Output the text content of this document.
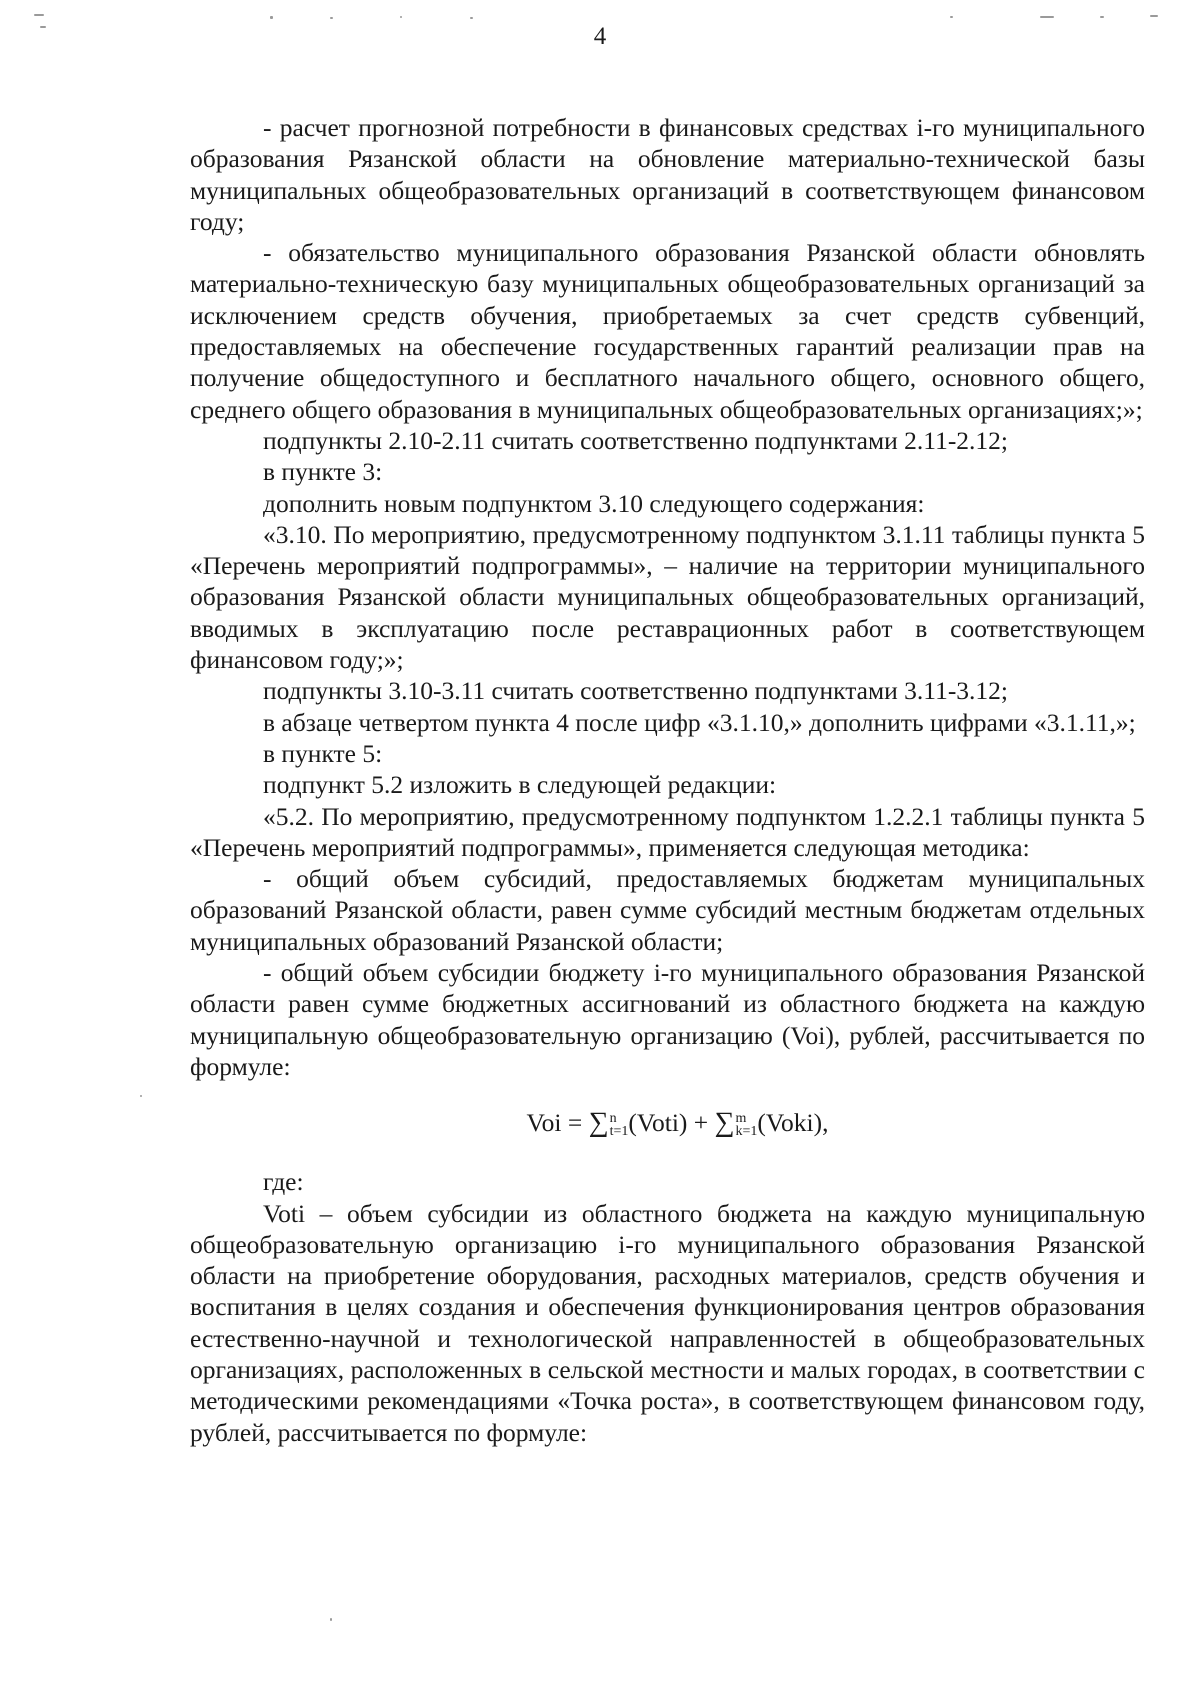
4

- расчет прогнозной потребности в финансовых средствах i-го муниципального образования Рязанской области на обновление материально-технической базы муниципальных общеобразовательных организаций в соответствующем финансовом году;

- обязательство муниципального образования Рязанской области обновлять материально-техническую базу муниципальных общеобразовательных организаций за исключением средств обучения, приобретаемых за счет средств субвенций, предоставляемых на обеспечение государственных гарантий реализации прав на получение общедоступного и бесплатного начального общего, основного общего, среднего общего образования в муниципальных общеобразовательных организациях;»;

подпункты 2.10-2.11 считать соответственно подпунктами 2.11-2.12;

в пункте 3:

дополнить новым подпунктом 3.10 следующего содержания:

«3.10. По мероприятию, предусмотренному подпунктом 3.1.11 таблицы пункта 5 «Перечень мероприятий подпрограммы», – наличие на территории муниципального образования Рязанской области муниципальных общеобразовательных организаций, вводимых в эксплуатацию после реставрационных работ в соответствующем финансовом году;»;

подпункты 3.10-3.11 считать соответственно подпунктами 3.11-3.12;

в абзаце четвертом пункта 4 после цифр «3.1.10,» дополнить цифрами «3.1.11,»;

в пункте 5:

подпункт 5.2 изложить в следующей редакции:

«5.2. По мероприятию, предусмотренному подпунктом 1.2.2.1 таблицы пункта 5 «Перечень мероприятий подпрограммы», применяется следующая методика:

- общий объем субсидий, предоставляемых бюджетам муниципальных образований Рязанской области, равен сумме субсидий местным бюджетам отдельных муниципальных образований Рязанской области;

- общий объем субсидии бюджету i-го муниципального образования Рязанской области равен сумме бюджетных ассигнований из областного бюджета на каждую муниципальную общеобразовательную организацию (Voi), рублей, рассчитывается по формуле:

Voi = ∑ n
t=1 (Voti) + ∑ m
k=1 (Voki),

где:

Voti – объем субсидии из областного бюджета на каждую муниципальную общеобразовательную организацию i-го муниципального образования Рязанской области на приобретение оборудования, расходных материалов, средств обучения и воспитания в целях создания и обеспечения функционирования центров образования естественно-научной и технологической направленностей в общеобразовательных организациях, расположенных в сельской местности и малых городах, в соответствии с методическими рекомендациями «Точка роста», в соответствующем финансовом году, рублей, рассчитывается по формуле:
